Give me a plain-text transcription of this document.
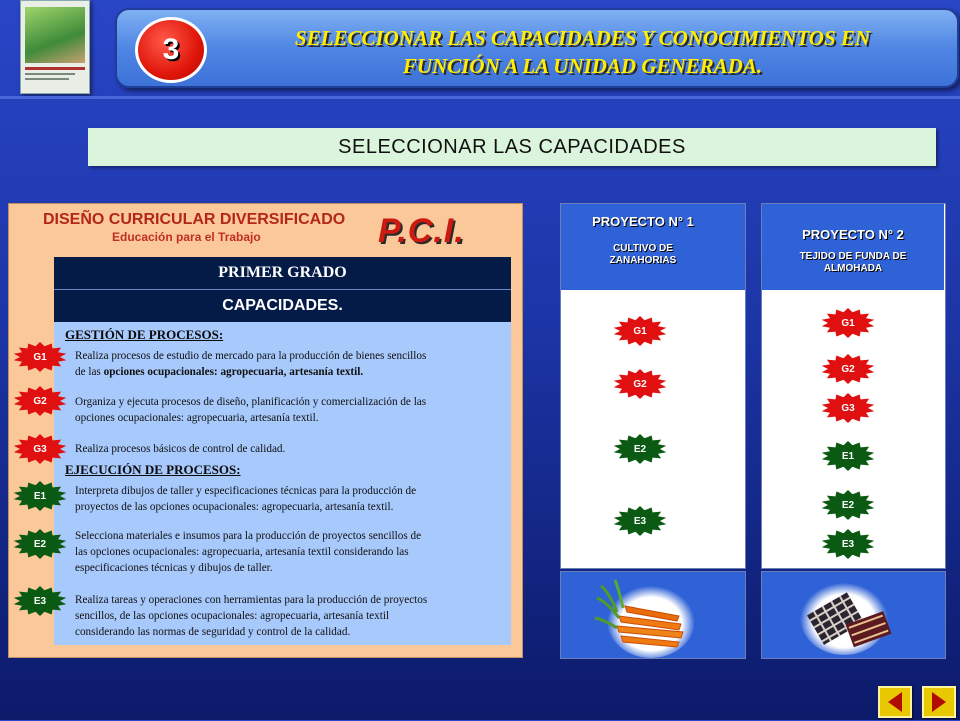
3	SELECCIONAR LAS CAPACIDADES Y CONOCIMIENTOS EN
FUNCIÓN A LA UNIDAD GENERADA.
SELECCIONAR LAS CAPACIDADES
DISEÑO CURRICULAR DIVERSIFICADO
Educación para el Trabajo	P.C.I.
PRIMER GRADO
CAPACIDADES.
GESTIÓN DE PROCESOS:
EJECUCIÓN DE PROCESOS:
Realiza procesos de estudio de mercado para la producción de bienes sencillos
de las opciones ocupacionales: agropecuaria, artesanía textil.
Organiza y ejecuta procesos de diseño, planificación y comercialización de las
opciones ocupacionales: agropecuaria, artesanía textil.
Realiza procesos básicos de control de calidad.
Interpreta dibujos de taller y especificaciones técnicas para la producción de
proyectos de las opciones ocupacionales: agropecuaria, artesanía textil.
Selecciona materiales e insumos para la producción de proyectos sencillos de
las opciones ocupacionales: agropecuaria, artesanía textil considerando las
especificaciones técnicas y dibujos de taller.
Realiza tareas y operaciones con herramientas para la producción de proyectos
sencillos, de las opciones ocupacionales: agropecuaria, artesanía textil
considerando las normas de seguridad y control de la calidad.
G1
G2
G3
E1
E2
E3
PROYECTO N° 1
CULTIVO DE
ZANAHORIAS
G1
G2
E2
E3
PROYECTO N° 2
TEJIDO DE FUNDA DE
ALMOHADA
G1
G2
G3
E1
E2
E3
